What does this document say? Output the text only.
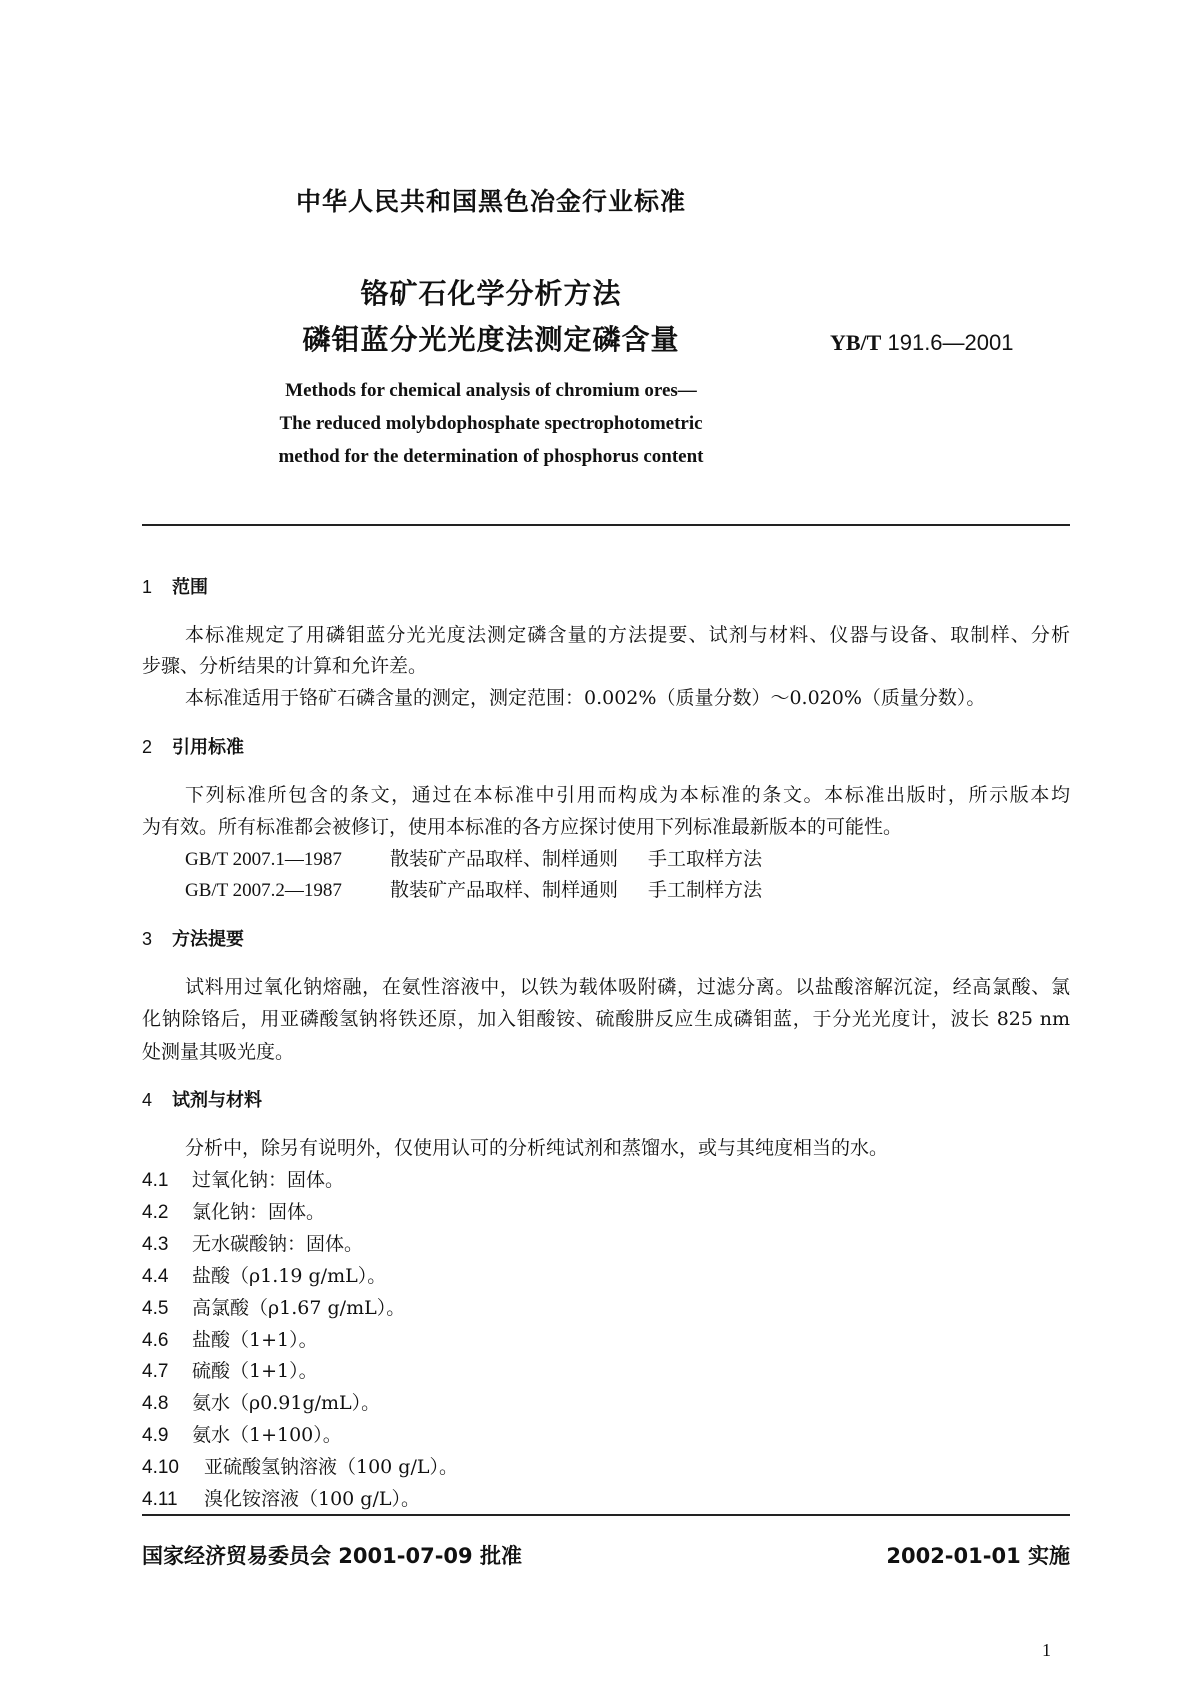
中华人民共和国黑色冶金行业标准
铬矿石化学分析方法
磷钼蓝分光光度法测定磷含量	YB/T 191.6—2001
Methods for chemical analysis of chromium ores—
The reduced molybdophosphate spectrophotometric
method for the determination of phosphorus content
1 范围
本标准规定了用磷钼蓝分光光度法测定磷含量的方法提要、试剂与材料、仪器与设备、取制样、分析
步骤、分析结果的计算和允许差。
本标准适用于铬矿石磷含量的测定，测定范围：0.002%（质量分数）～0.020%（质量分数）。
2 引用标准
下列标准所包含的条文，通过在本标准中引用而构成为本标准的条文。本标准出版时，所示版本均
为有效。所有标准都会被修订，使用本标准的各方应探讨使用下列标准最新版本的可能性。
GB/T 2007.1—1987	散装矿产品取样、制样通则 手工取样方法
GB/T 2007.2—1987	散装矿产品取样、制样通则 手工制样方法
3 方法提要
试料用过氧化钠熔融，在氨性溶液中，以铁为载体吸附磷，过滤分离。以盐酸溶解沉淀，经高氯酸、氯
化钠除铬后，用亚磷酸氢钠将铁还原，加入钼酸铵、硫酸肼反应生成磷钼蓝，于分光光度计，波长 825 nm
处测量其吸光度。
4 试剂与材料
分析中，除另有说明外，仅使用认可的分析纯试剂和蒸馏水，或与其纯度相当的水。
4.1 过氧化钠：固体。
4.2 氯化钠：固体。
4.3 无水碳酸钠：固体。
4.4 盐酸（ρ1.19 g/mL）。
4.5 高氯酸（ρ1.67 g/mL）。
4.6 盐酸（1+1）。
4.7 硫酸（1+1）。
4.8 氨水（ρ0.91g/mL）。
4.9 氨水（1+100）。
4.10 亚硫酸氢钠溶液（100 g/L）。
4.11 溴化铵溶液（100 g/L）。
国家经济贸易委员会 2001-07-09 批准	2002-01-01 实施
1
